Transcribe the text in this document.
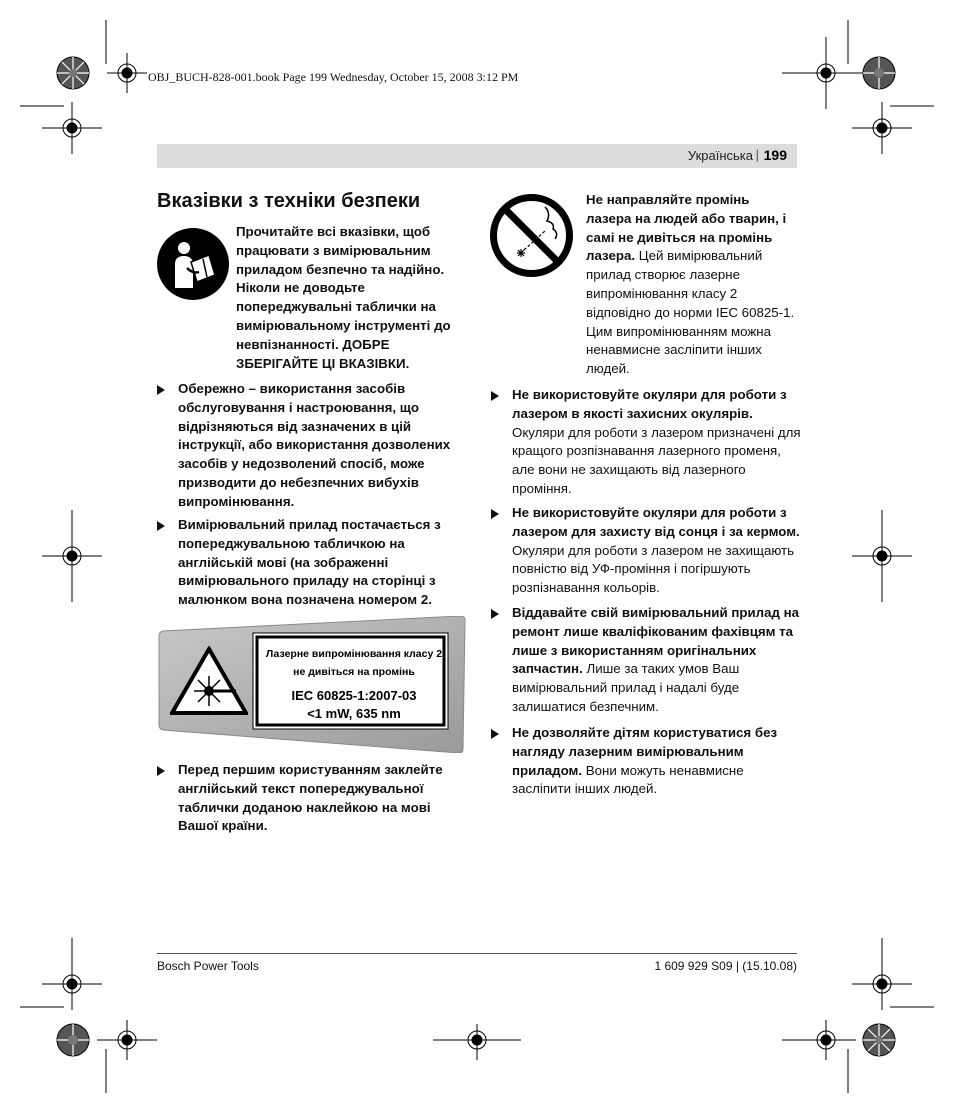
OBJ_BUCH-828-001.book Page 199 Wednesday, October 15, 2008 3:12 PM
Українська | 199
Вказівки з техніки безпеки
Прочитайте всі вказівки, щоб працювати з вимірювальним приладом безпечно та надійно. Ніколи не доводьте попереджувальні таблички на вимірювальному інструменті до невпізнанності. ДОБРЕ ЗБЕРІГАЙТЕ ЦІ ВКАЗІВКИ.
Обережно – використання засобів обслуговування і настроювання, що відрізняються від зазначених в цій інструкції, або використання дозволених засобів у недозволений спосіб, може призводити до небезпечних вибухів випромінювання.
Вимірювальний прилад постачається з попереджувальною табличкою на англійській мові (на зображенні вимірювального приладу на сторінці з малюнком вона позначена номером 2.
Лазерне випромінювання класу 2
не дивіться на промінь
IEC 60825-1:2007-03
<1 mW, 635 nm
Перед першим користуванням заклейте англійський текст попереджувальної таблички доданою наклейкою на мові Вашої країни.
Не направляйте промінь лазера на людей або тварин, і самі не дивіться на промінь лазера. Цей вимірювальний прилад створює лазерне випромінювання класу 2 відповідно до норми IEC 60825-1. Цим випромінюванням можна ненавмисне засліпити інших людей.
Не використовуйте окуляри для роботи з лазером в якості захисних окулярів. Окуляри для роботи з лазером призначені для кращого розпізнавання лазерного променя, але вони не захищають від лазерного проміння.
Не використовуйте окуляри для роботи з лазером для захисту від сонця і за кермом. Окуляри для роботи з лазером не захищають повністю від УФ-проміння і погіршують розпізнавання кольорів.
Віддавайте свій вимірювальний прилад на ремонт лише кваліфікованим фахівцям та лише з використанням оригінальних запчастин. Лише за таких умов Ваш вимірювальний прилад і надалі буде залишатися безпечним.
Не дозволяйте дітям користуватися без нагляду лазерним вимірювальним приладом. Вони можуть ненавмисне засліпити інших людей.
Bosch Power Tools	1 609 929 S09 | (15.10.08)
